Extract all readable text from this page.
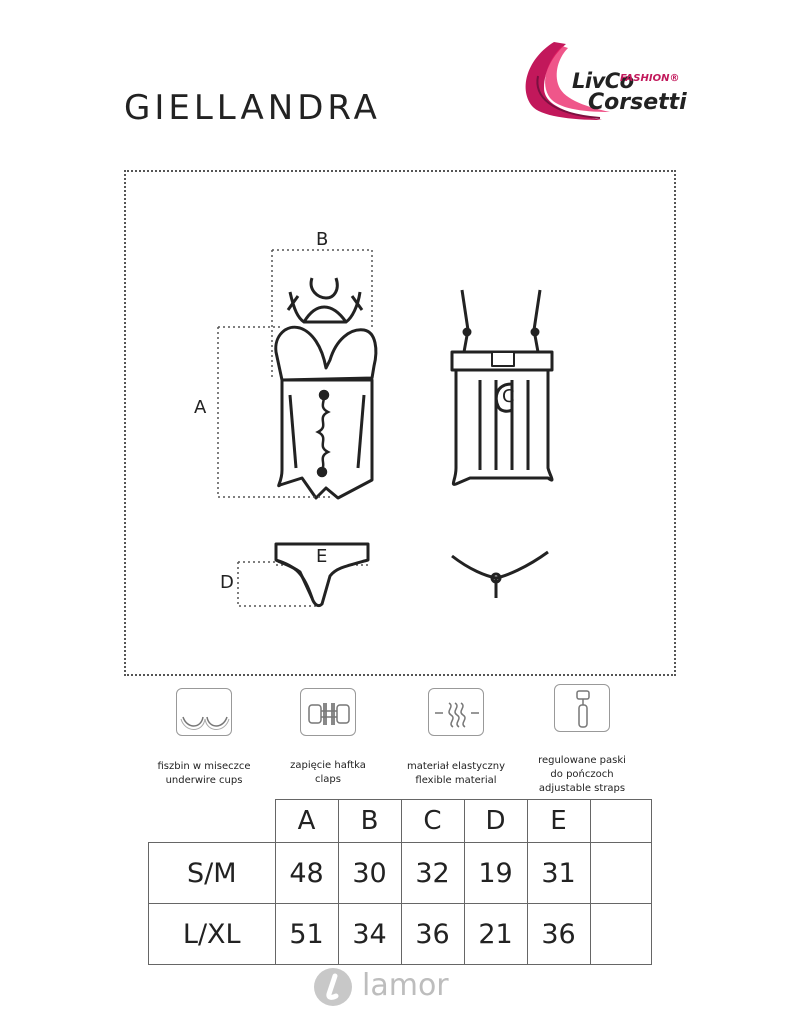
GIELLANDRA
LivCo
FASHION®
Corsetti
A
B
C
D
E
fiszbin w miseczce
underwire cups
zapięcie haftka
claps
materiał elastyczny
flexible material
regulowane paski
do pończoch
adjustable straps
	A	B	C	D	E	
S/M	48	30	32	19	31	
L/XL	51	34	36	21	36	
lamor
